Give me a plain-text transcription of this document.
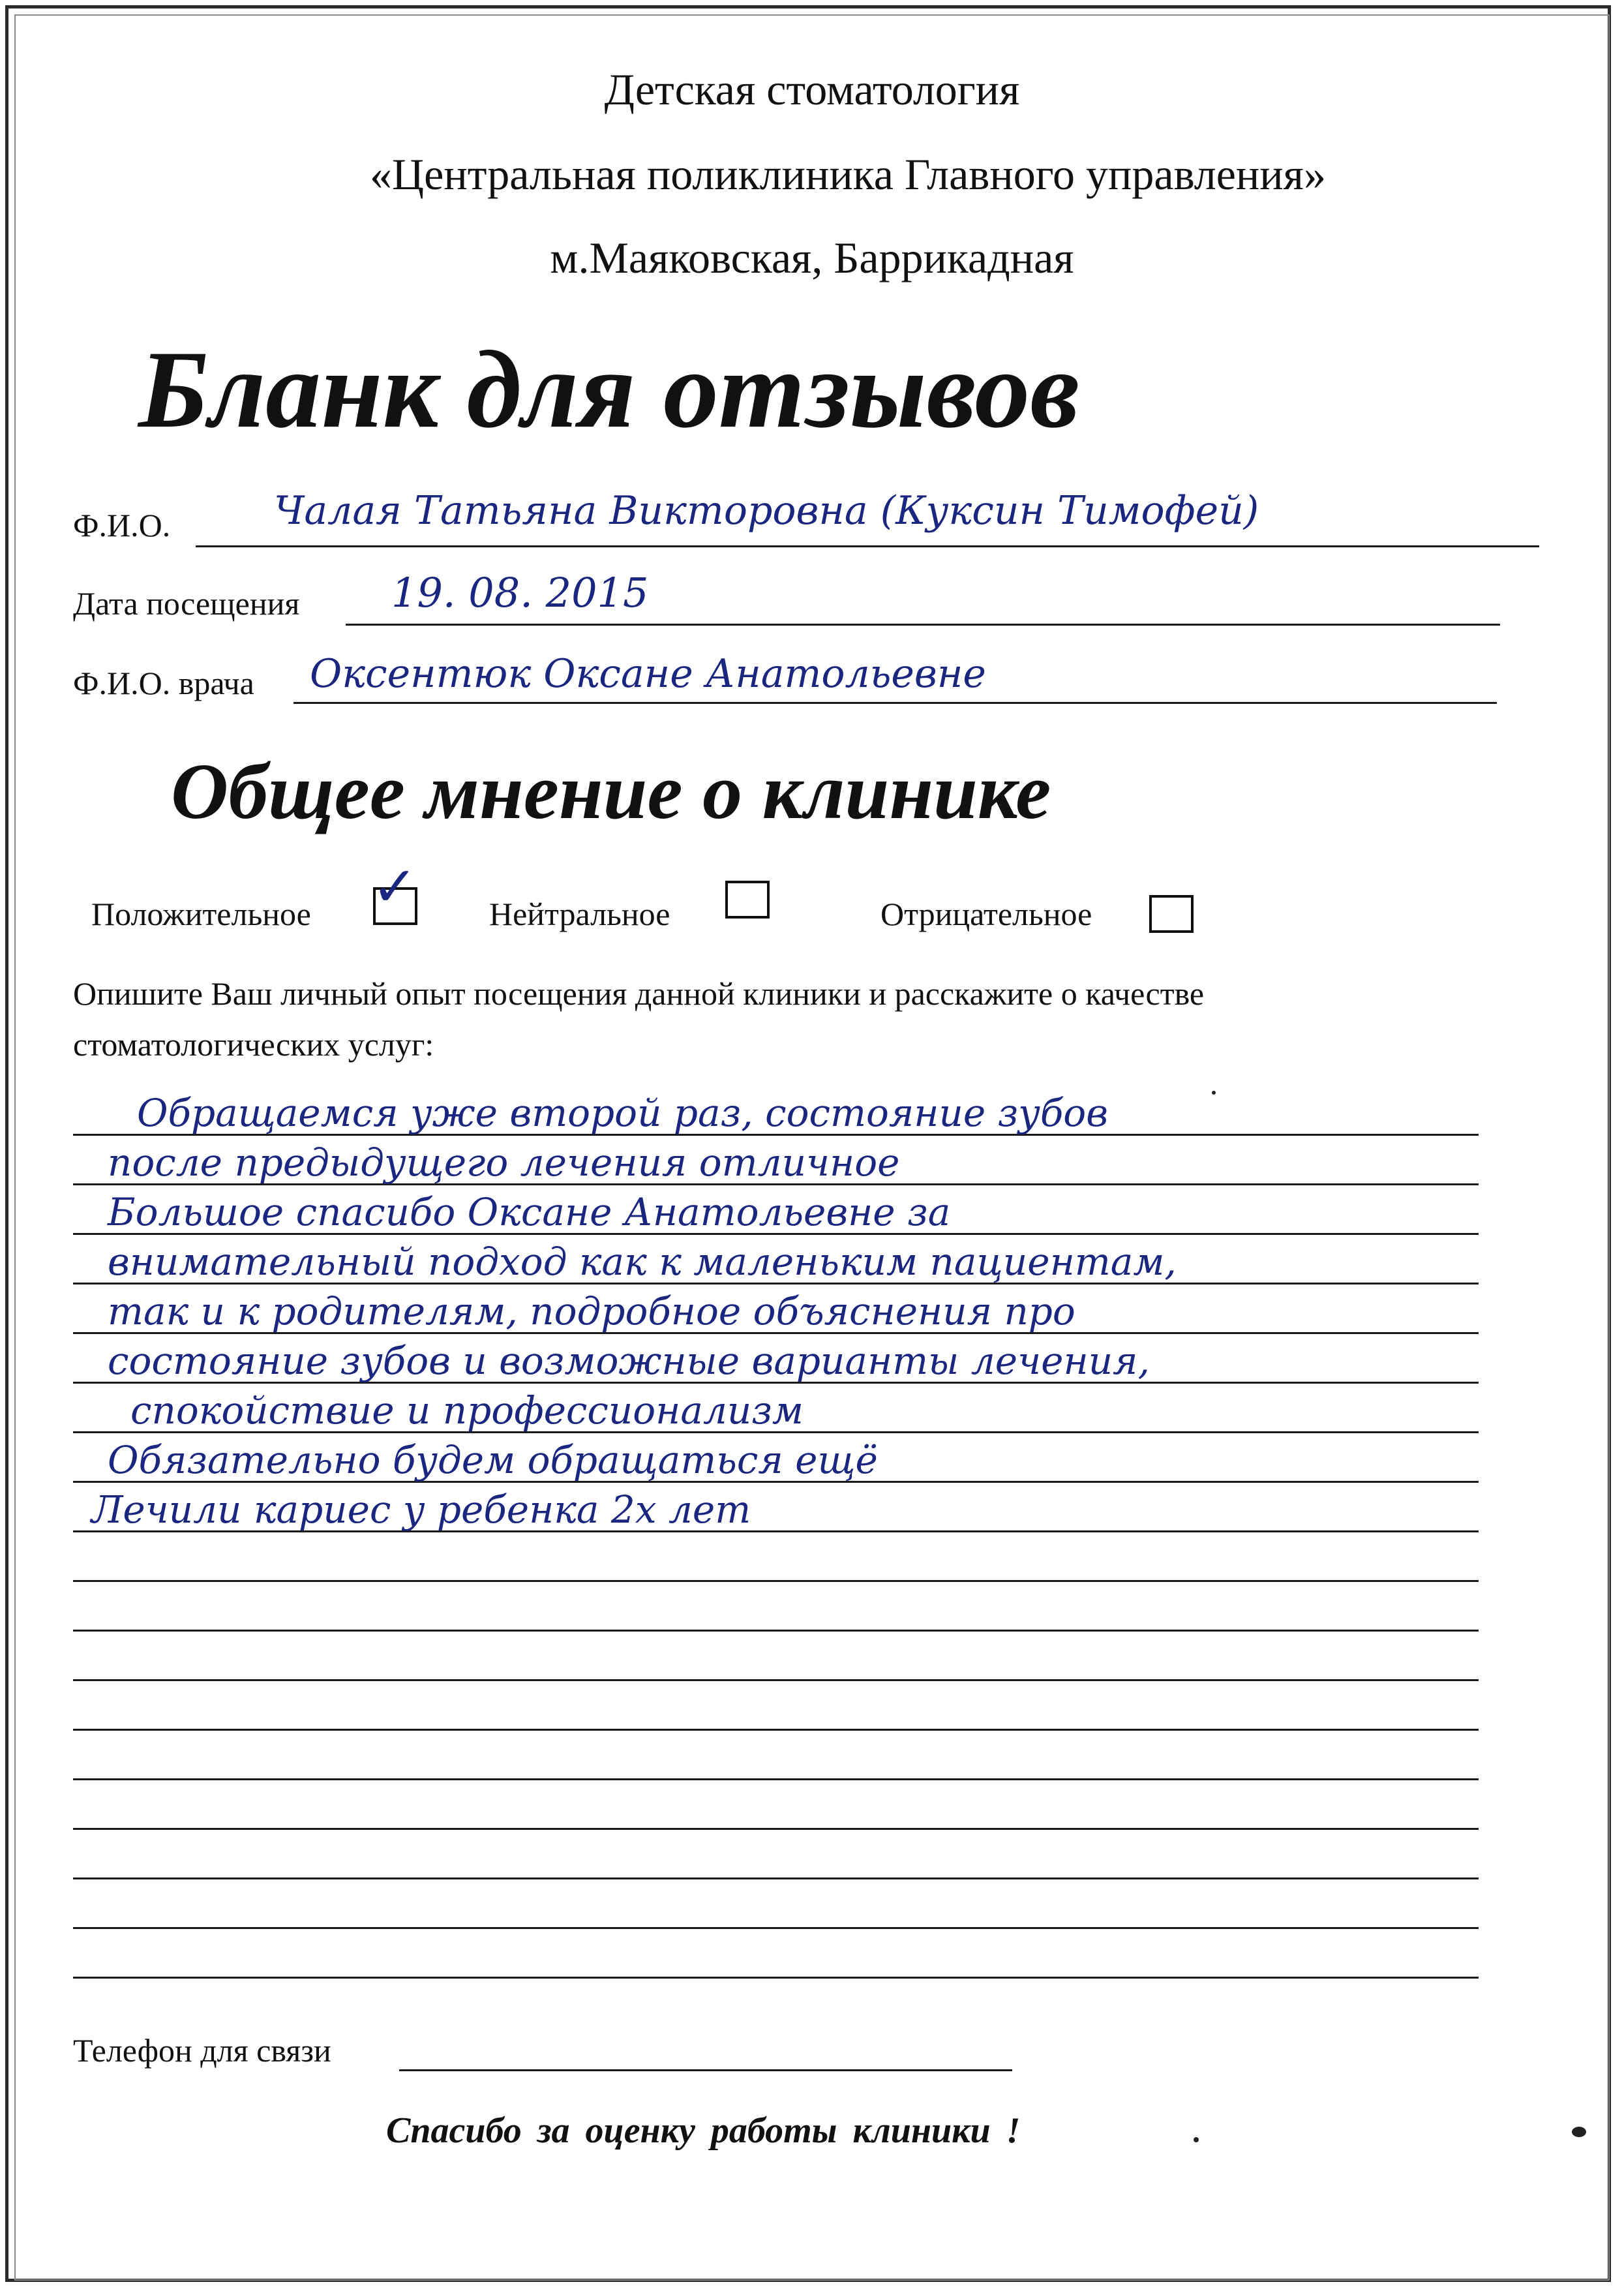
Детская стоматология
«Центральная поликлиника Главного управления»
м.Маяковская, Баррикадная
Бланк для отзывов
Ф.И.О.	Чалая Татьяна Викторовна (Куксин Тимофей)
Дата посещения 19. 08. 2015
Ф.И.О. врача Оксентюк Оксане Анатольевне
Общее мнение о клинике
Положительное ✓ Нейтральное	Отрицательное
Опишите Ваш личный опыт посещения данной клиники и расскажите о качестве
стоматологических услуг:
Обращаемся уже второй раз, состояние зубов
после предыдущего лечения отличное
Большое спасибо Оксане Анатольевне за
внимательный подход как к маленьким пациентам,
так и к родителям, подробное объяснения про
состояние зубов и возможные варианты лечения,
спокойствие и профессионализм
Обязательно будем обращаться ещё
Лечили кариес у ребенка 2х лет
Телефон для связи
Спасибо за оценку работы клиники !
